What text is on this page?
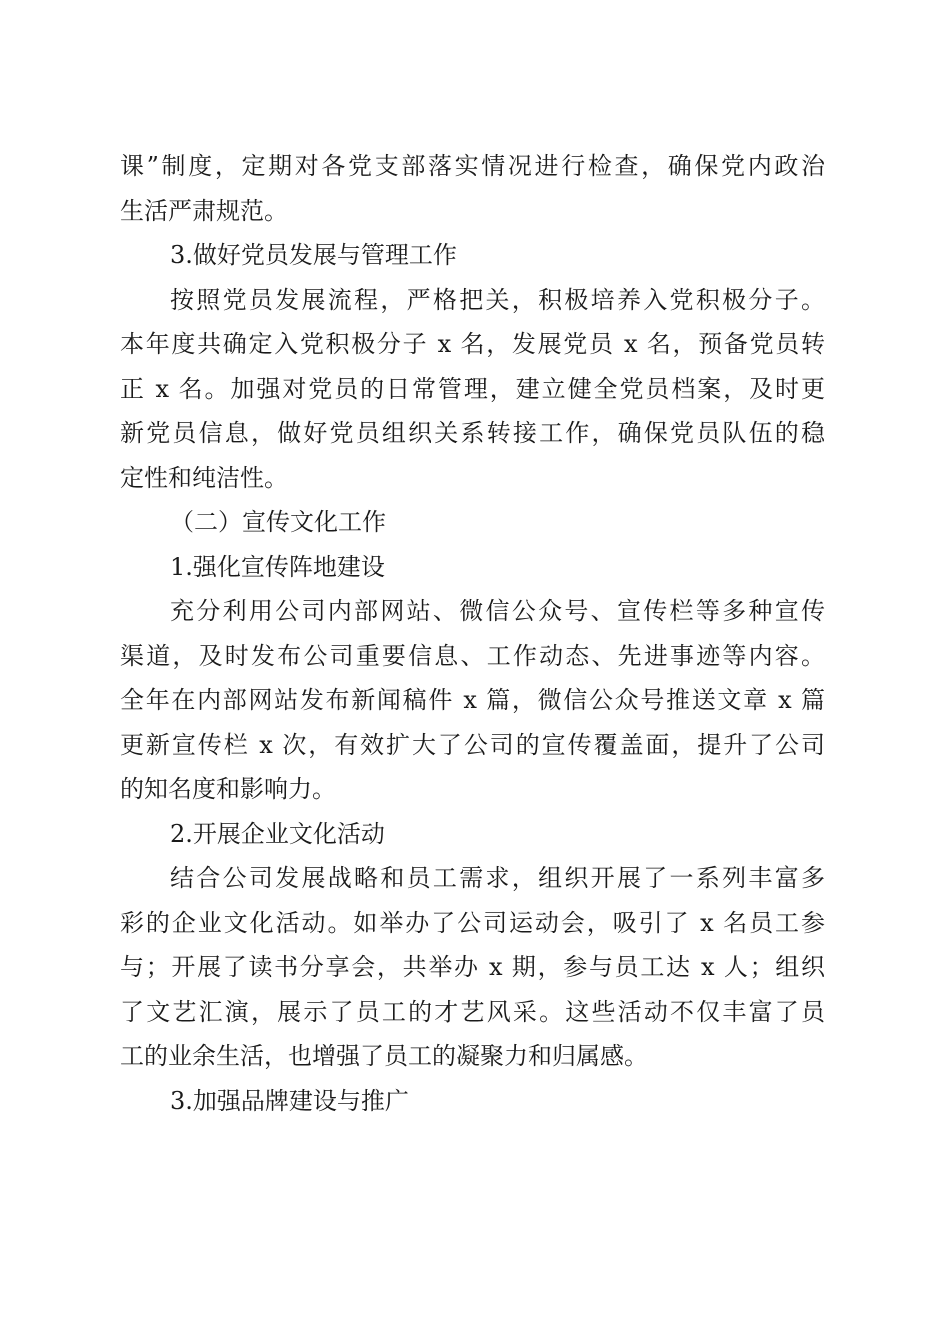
课”制度，定期对各党支部落实情况进行检查，确保党内政治
生活严肃规范。
3.做好党员发展与管理工作
按照党员发展流程，严格把关，积极培养入党积极分子。
本年度共确定入党积极分子 x 名，发展党员 x 名，预备党员转
正 x 名。加强对党员的日常管理，建立健全党员档案，及时更
新党员信息，做好党员组织关系转接工作，确保党员队伍的稳
定性和纯洁性。
（二）宣传文化工作
1.强化宣传阵地建设
充分利用公司内部网站、微信公众号、宣传栏等多种宣传
渠道，及时发布公司重要信息、工作动态、先进事迹等内容。
全年在内部网站发布新闻稿件 x 篇，微信公众号推送文章 x 篇
更新宣传栏 x 次，有效扩大了公司的宣传覆盖面，提升了公司
的知名度和影响力。
2.开展企业文化活动
结合公司发展战略和员工需求，组织开展了一系列丰富多
彩的企业文化活动。如举办了公司运动会，吸引了 x 名员工参
与；开展了读书分享会，共举办 x 期，参与员工达 x 人；组织
了文艺汇演，展示了员工的才艺风采。这些活动不仅丰富了员
工的业余生活，也增强了员工的凝聚力和归属感。
3.加强品牌建设与推广
